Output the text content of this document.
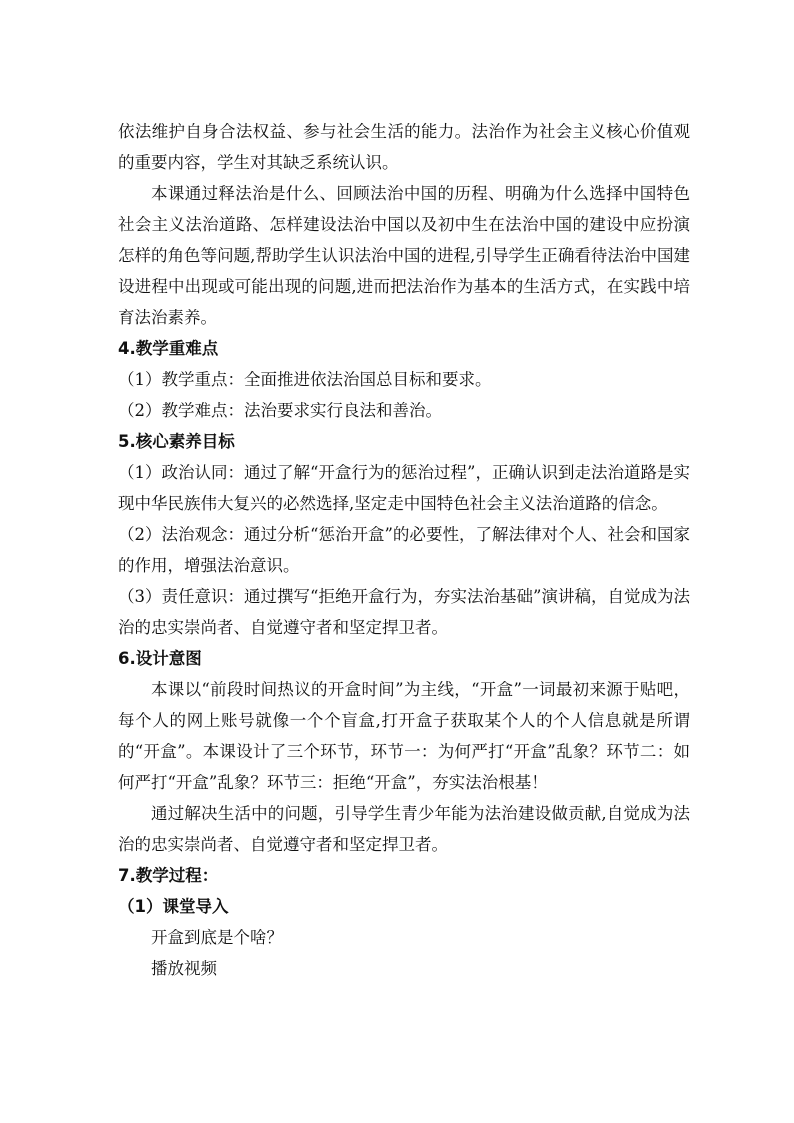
依法维护自身合法权益、参与社会生活的能力。法治作为社会主义核心价值观的重要内容，学生对其缺乏系统认识。

本课通过释法治是什么、回顾法治中国的历程、明确为什么选择中国特色社会主义法治道路、怎样建设法治中国以及初中生在法治中国的建设中应扮演怎样的角色等问题,帮助学生认识法治中国的进程,引导学生正确看待法治中国建设进程中出现或可能出现的问题,进而把法治作为基本的生活方式，在实践中培育法治素养。

4.教学重难点

（1）教学重点：全面推进依法治国总目标和要求。

（2）教学难点：法治要求实行良法和善治。

5.核心素养目标

（1）政治认同：通过了解“开盒行为的惩治过程”，正确认识到走法治道路是实现中华民族伟大复兴的必然选择,坚定走中国特色社会主义法治道路的信念。

（2）法治观念：通过分析“惩治开盒”的必要性，了解法律对个人、社会和国家的作用，增强法治意识。

（3）责任意识：通过撰写“拒绝开盒行为，夯实法治基础”演讲稿，自觉成为法治的忠实崇尚者、自觉遵守者和坚定捍卫者。

6.设计意图

本课以“前段时间热议的开盒时间”为主线，“开盒”一词最初来源于贴吧，每个人的网上账号就像一个个盲盒,打开盒子获取某个人的个人信息就是所谓的“开盒”。本课设计了三个环节，环节一：为何严打“开盒”乱象？环节二：如何严打“开盒”乱象？环节三：拒绝“开盒”，夯实法治根基！

通过解决生活中的问题，引导学生青少年能为法治建设做贡献,自觉成为法治的忠实崇尚者、自觉遵守者和坚定捍卫者。

7.教学过程：

（1）课堂导入

开盒到底是个啥？

播放视频
